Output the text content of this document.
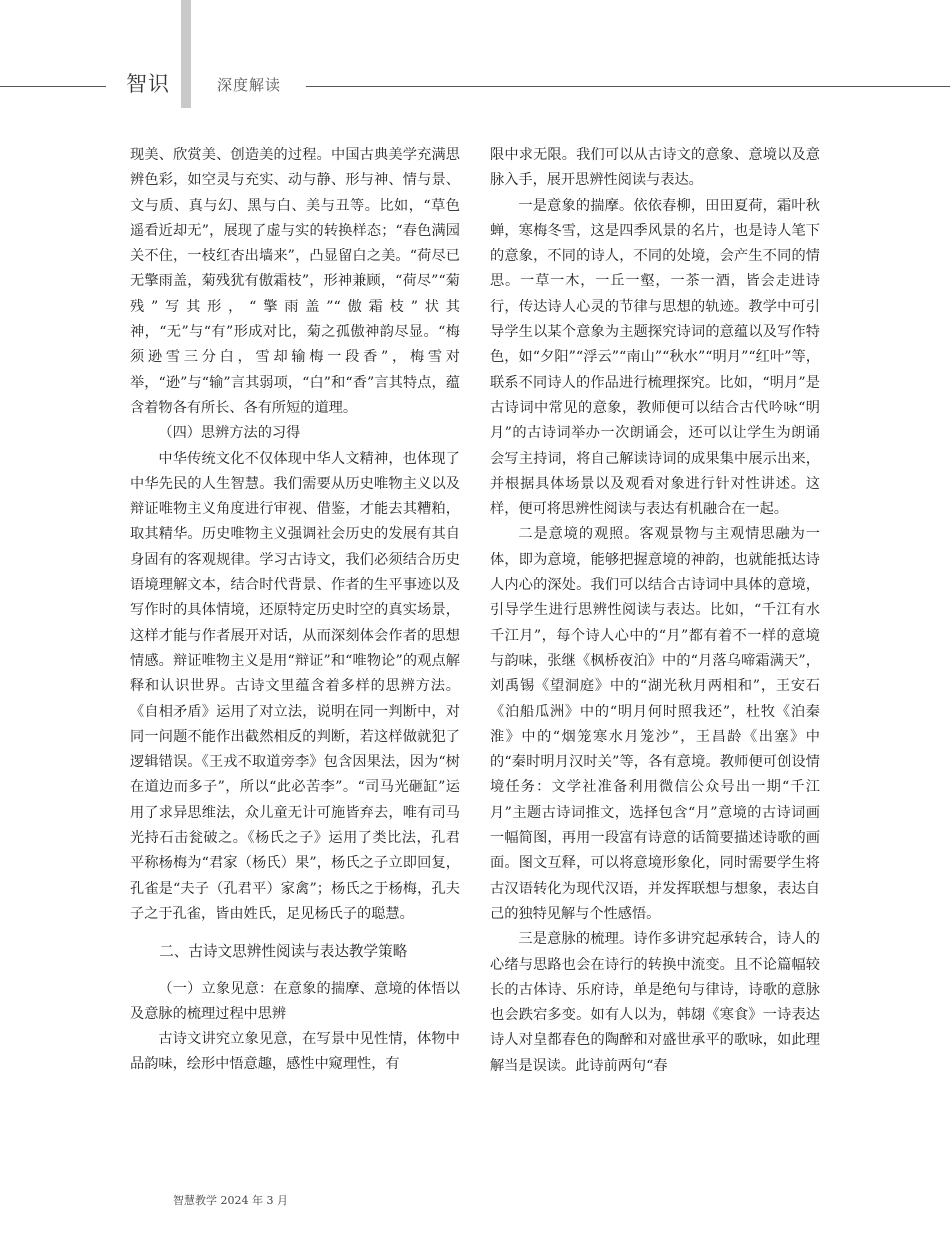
智识	深度解读

现美、欣赏美、创造美的过程。中国古典美学充满思辨色彩，如空灵与充实、动与静、形与神、情与景、文与质、真与幻、黑与白、美与丑等。比如，“草色遥看近却无”，展现了虚与实的转换样态；“春色满园关不住，一枝红杏出墙来”，凸显留白之美。“荷尽已无擎雨盖，菊残犹有傲霜枝”，形神兼顾，“荷尽”“菊残”写其形，“擎雨盖”“傲霜枝”状其神，“无”与“有”形成对比，菊之孤傲神韵尽显。“梅须逊雪三分白，雪却输梅一段香”，梅雪对举，“逊”与“输”言其弱项，“白”和“香”言其特点，蕴含着物各有所长、各有所短的道理。

（四）思辨方法的习得

中华传统文化不仅体现中华人文精神，也体现了中华先民的人生智慧。我们需要从历史唯物主义以及辩证唯物主义角度进行审视、借鉴，才能去其糟粕，取其精华。历史唯物主义强调社会历史的发展有其自身固有的客观规律。学习古诗文，我们必须结合历史语境理解文本，结合时代背景、作者的生平事迹以及写作时的具体情境，还原特定历史时空的真实场景，这样才能与作者展开对话，从而深刻体会作者的思想情感。辩证唯物主义是用“辩证”和“唯物论”的观点解释和认识世界。古诗文里蕴含着多样的思辨方法。《自相矛盾》运用了对立法，说明在同一判断中，对同一问题不能作出截然相反的判断，若这样做就犯了逻辑错误。《王戎不取道旁李》包含因果法，因为“树在道边而多子”，所以“此必苦李”。“司马光砸缸”运用了求异思维法，众儿童无计可施皆弃去，唯有司马光持石击瓮破之。《杨氏之子》运用了类比法，孔君平称杨梅为“君家（杨氏）果”，杨氏之子立即回复，孔雀是“夫子（孔君平）家禽”；杨氏之于杨梅，孔夫子之于孔雀，皆由姓氏，足见杨氏子的聪慧。

二、古诗文思辨性阅读与表达教学策略

（一）立象见意：在意象的揣摩、意境的体悟以及意脉的梳理过程中思辨

古诗文讲究立象见意，在写景中见性情，体物中品韵味，绘形中悟意趣，感性中窥理性，有

限中求无限。我们可以从古诗文的意象、意境以及意脉入手，展开思辨性阅读与表达。

一是意象的揣摩。依依春柳，田田夏荷，霜叶秋蝉，寒梅冬雪，这是四季风景的名片，也是诗人笔下的意象，不同的诗人，不同的处境，会产生不同的情思。一草一木，一丘一壑，一茶一酒，皆会走进诗行，传达诗人心灵的节律与思想的轨迹。教学中可引导学生以某个意象为主题探究诗词的意蕴以及写作特色，如“夕阳”“浮云”“南山”“秋水”“明月”“红叶”等，联系不同诗人的作品进行梳理探究。比如，“明月”是古诗词中常见的意象，教师便可以结合古代吟咏“明月”的古诗词举办一次朗诵会，还可以让学生为朗诵会写主持词，将自己解读诗词的成果集中展示出来，并根据具体场景以及观看对象进行针对性讲述。这样，便可将思辨性阅读与表达有机融合在一起。

二是意境的观照。客观景物与主观情思融为一体，即为意境，能够把握意境的神韵，也就能抵达诗人内心的深处。我们可以结合古诗词中具体的意境，引导学生进行思辨性阅读与表达。比如，“千江有水千江月”，每个诗人心中的“月”都有着不一样的意境与韵味，张继《枫桥夜泊》中的“月落乌啼霜满天”，刘禹锡《望洞庭》中的“湖光秋月两相和”，王安石《泊船瓜洲》中的“明月何时照我还”，杜牧《泊秦淮》中的“烟笼寒水月笼沙”，王昌龄《出塞》中的“秦时明月汉时关”等，各有意境。教师便可创设情境任务：文学社准备利用微信公众号出一期“千江月”主题古诗词推文，选择包含“月”意境的古诗词画一幅简图，再用一段富有诗意的话简要描述诗歌的画面。图文互释，可以将意境形象化，同时需要学生将古汉语转化为现代汉语，并发挥联想与想象，表达自己的独特见解与个性感悟。

三是意脉的梳理。诗作多讲究起承转合，诗人的心绪与思路也会在诗行的转换中流变。且不论篇幅较长的古体诗、乐府诗，单是绝句与律诗，诗歌的意脉也会跌宕多变。如有人以为，韩翃《寒食》一诗表达诗人对皇都春色的陶醉和对盛世承平的歌咏，如此理解当是误读。此诗前两句“春

智慧教学 2024 年 3 月
